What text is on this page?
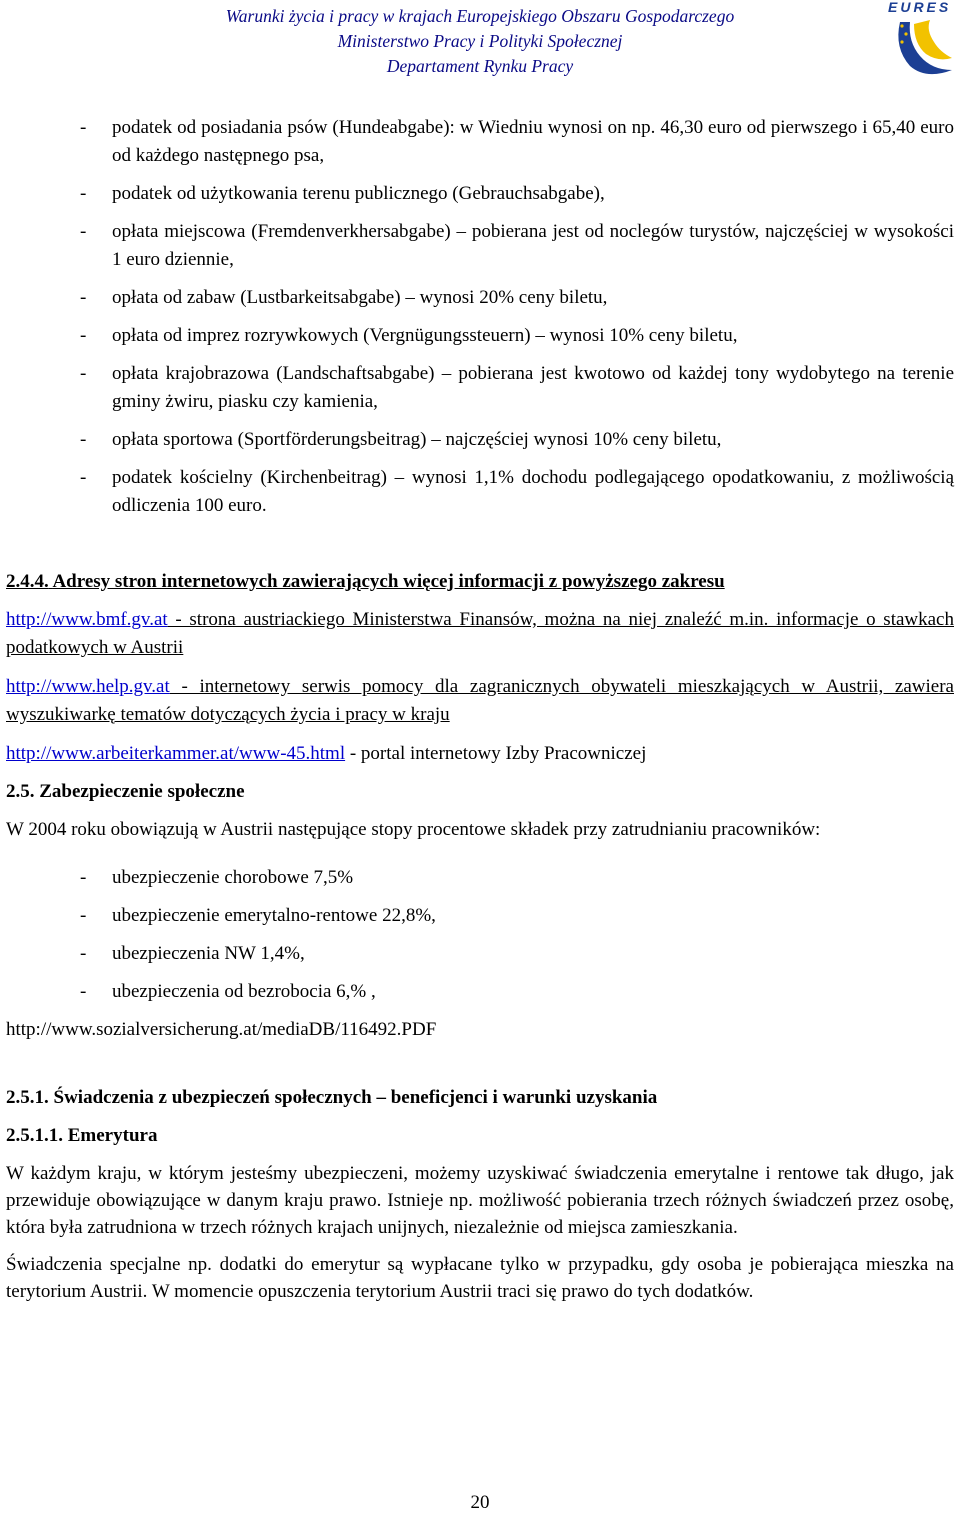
Warunki życia i pracy w krajach Europejskiego Obszaru Gospodarczego
Ministerstwo Pracy i Polityki Społecznej
Departament Rynku Pracy
EURES
-	podatek od posiadania psów (Hundeabgabe): w Wiedniu wynosi on np. 46,30 euro od pierwszego i 65,40 euro od każdego następnego psa,
-	podatek od użytkowania terenu publicznego (Gebrauchsabgabe),
-	opłata miejscowa (Fremdenverkhersabgabe) – pobierana jest od noclegów turystów, najczęściej w wysokości 1 euro dziennie,
-	opłata od zabaw (Lustbarkeitsabgabe) – wynosi 20% ceny biletu,
-	opłata od imprez rozrywkowych (Vergnügungssteuern) – wynosi 10% ceny biletu,
-	opłata krajobrazowa (Landschaftsabgabe) – pobierana jest kwotowo od każdej tony wydobytego na terenie gminy żwiru, piasku czy kamienia,
-	opłata sportowa (Sportförderungsbeitrag) – najczęściej wynosi 10% ceny biletu,
-	podatek kościelny (Kirchenbeitrag) – wynosi 1,1% dochodu podlegającego opodatkowaniu, z możliwością odliczenia 100 euro.

2.4.4. Adresy stron internetowych zawierających więcej informacji z powyższego zakresu

http://www.bmf.gv.at - strona austriackiego Ministerstwa Finansów, można na niej znaleźć m.in. informacje o stawkach podatkowych w Austrii

http://www.help.gv.at - internetowy serwis pomocy dla zagranicznych obywateli mieszkających w Austrii, zawiera wyszukiwarkę tematów dotyczących życia i pracy w kraju

http://www.arbeiterkammer.at/www-45.html - portal internetowy Izby Pracowniczej

2.5. Zabezpieczenie społeczne

W 2004 roku obowiązują w Austrii następujące stopy procentowe składek przy zatrudnianiu pracowników:

-	ubezpieczenie chorobowe 7,5%
-	ubezpieczenie emerytalno-rentowe 22,8%,
-	ubezpieczenia NW 1,4%,
-	ubezpieczenia od bezrobocia 6,% ,

http://www.sozialversicherung.at/mediaDB/116492.PDF

2.5.1. Świadczenia z ubezpieczeń społecznych – beneficjenci i warunki uzyskania

2.5.1.1. Emerytura

W każdym kraju, w którym jesteśmy ubezpieczeni, możemy uzyskiwać świadczenia emerytalne i rentowe tak długo, jak przewiduje obowiązujące w danym kraju prawo. Istnieje np. możliwość pobierania trzech różnych świadczeń przez osobę, która była zatrudniona w trzech różnych krajach unijnych, niezależnie od miejsca zamieszkania.

Świadczenia specjalne np. dodatki do emerytur są wypłacane tylko w przypadku, gdy osoba je pobierająca mieszka na terytorium Austrii. W momencie opuszczenia terytorium Austrii traci się prawo do tych dodatków.

20
